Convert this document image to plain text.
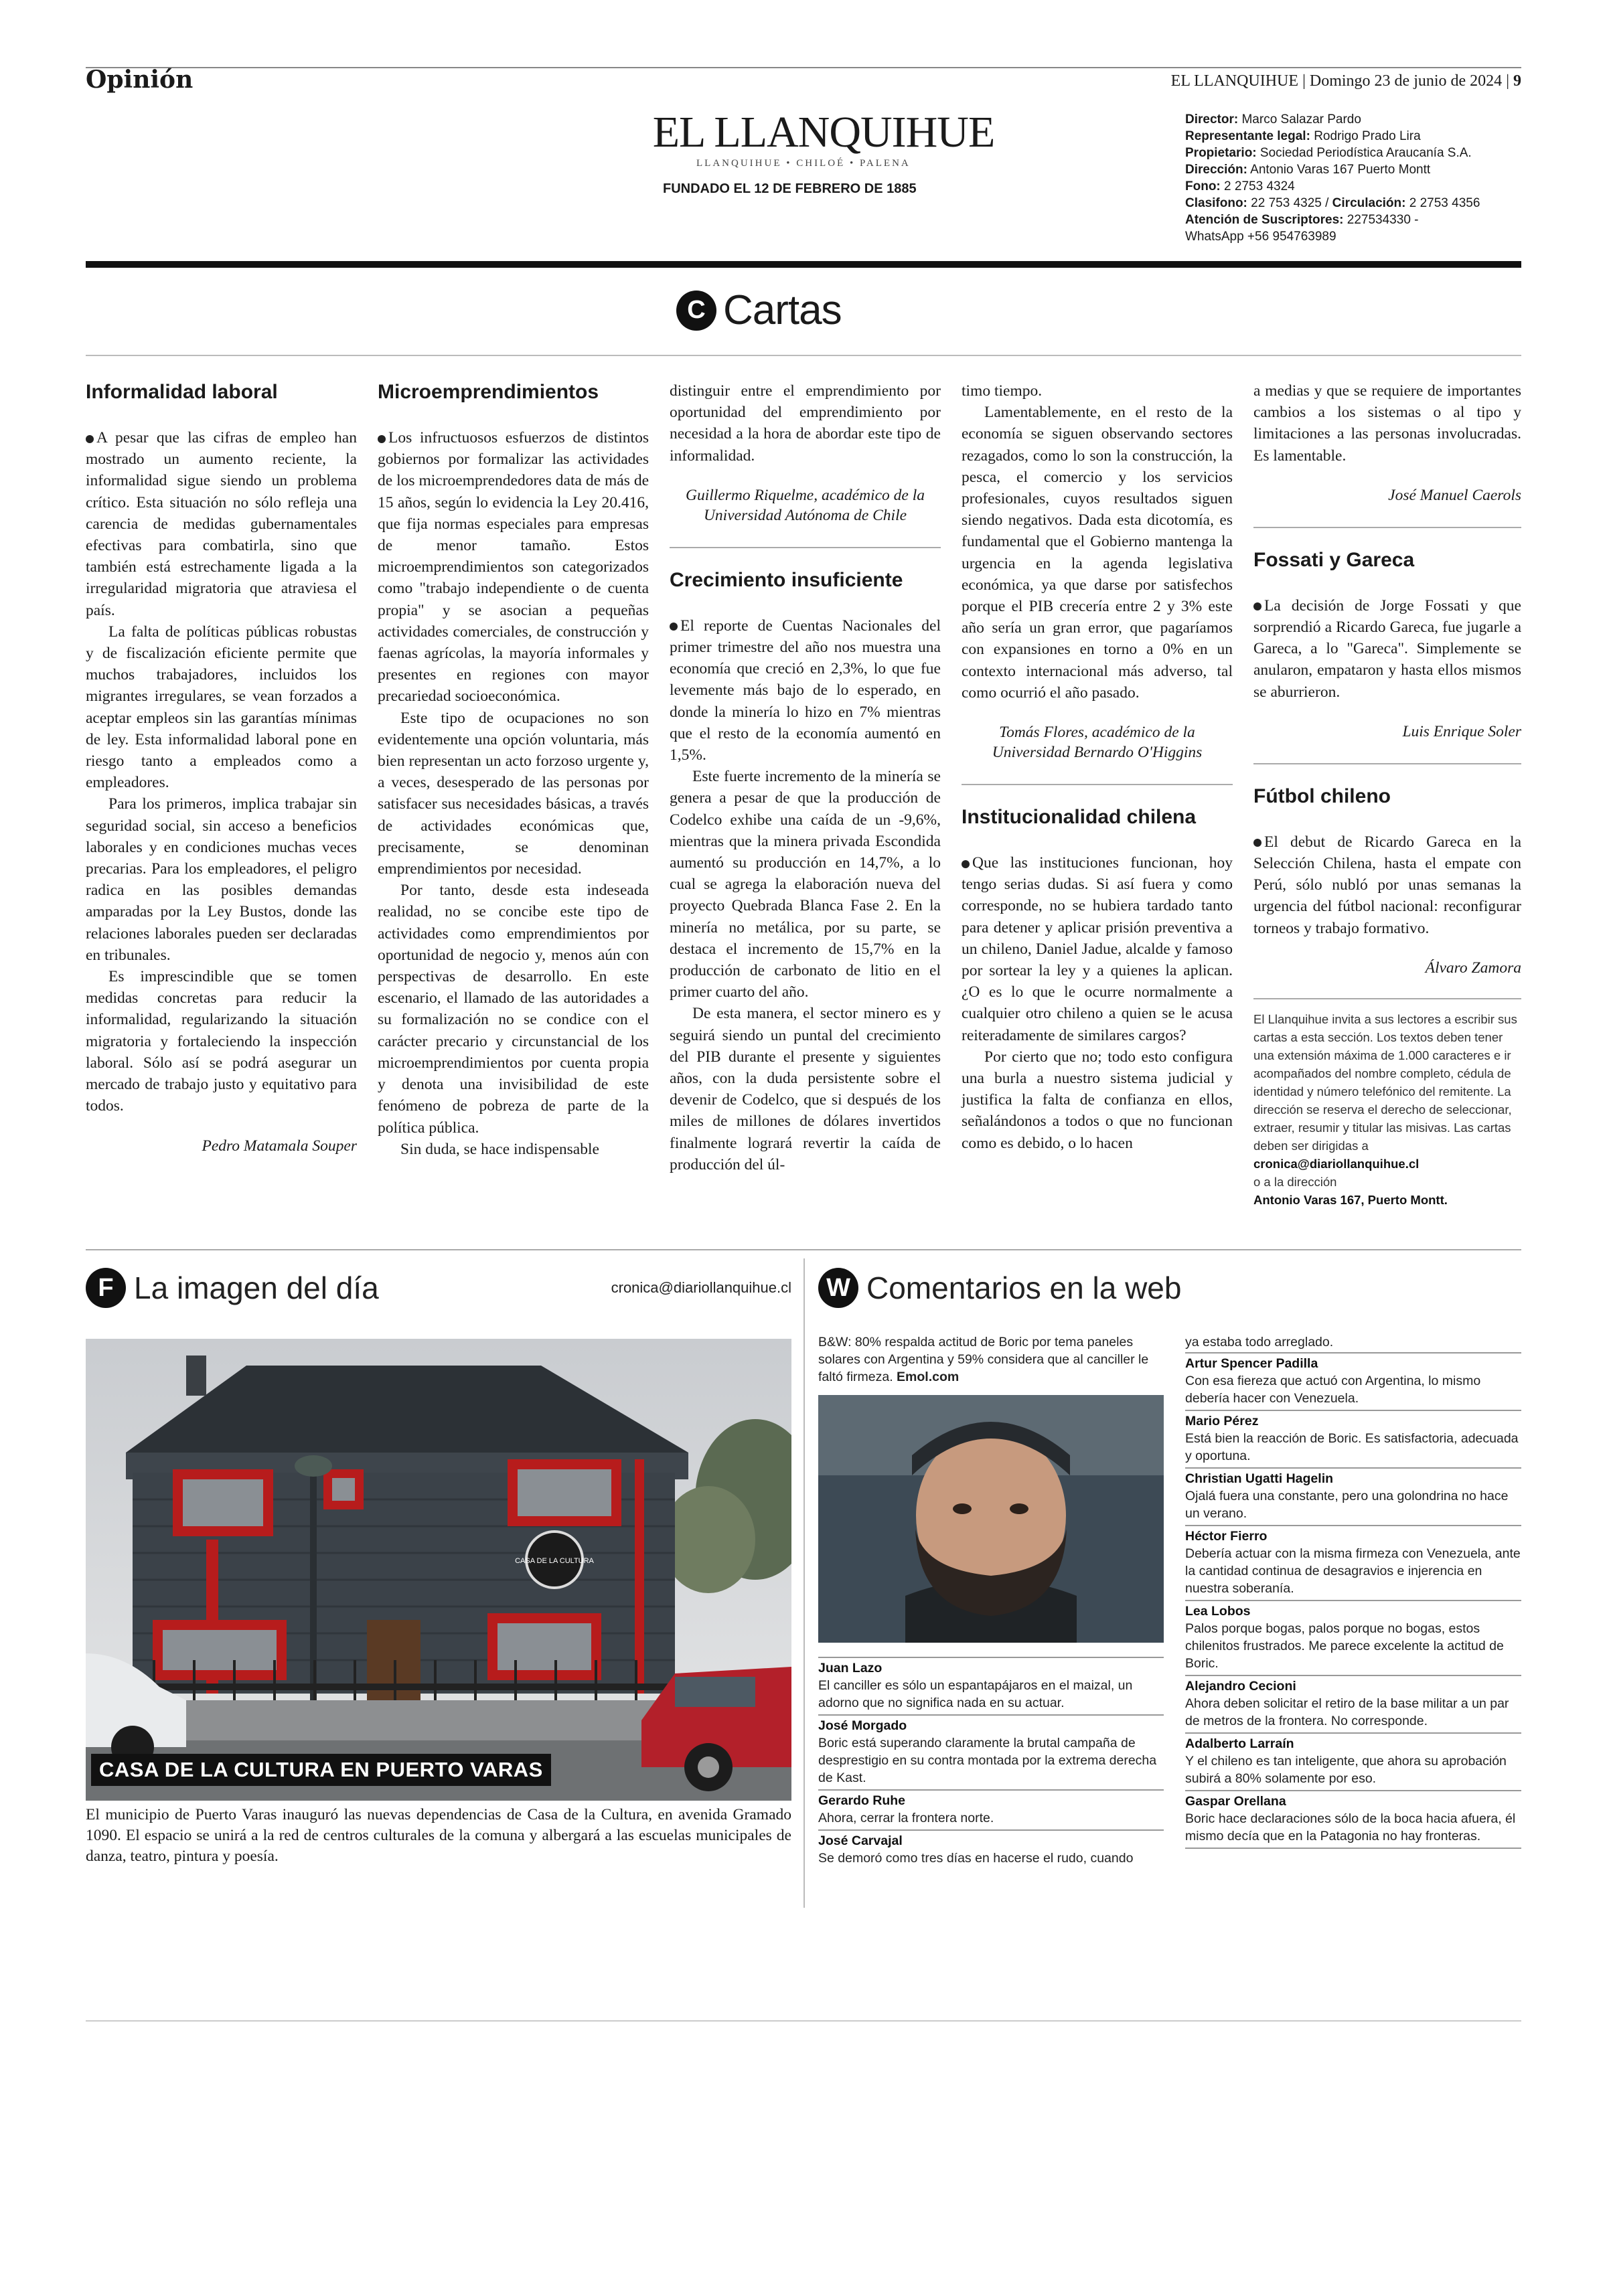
Opinión	EL LLANQUIHUE | Domingo 23 de junio de 2024 | 9
EL LLANQUIHUE
LLANQUIHUE • CHILOÉ • PALENA
FUNDADO EL 12 DE FEBRERO DE 1885
Director: Marco Salazar Pardo
Representante legal: Rodrigo Prado Lira
Propietario: Sociedad Periodística Araucanía S.A.
Dirección: Antonio Varas 167 Puerto Montt
Fono: 2 2753 4324
Clasifono: 22 753 4325 / Circulación: 2 2753 4356
Atención de Suscriptores: 227534330 -
WhatsApp +56 954763989
C Cartas
Informalidad laboral

A pesar que las cifras de empleo han mostrado un aumento reciente, la informalidad sigue siendo un problema crítico. Esta situación no sólo refleja una carencia de medidas gubernamentales efectivas para combatirla, sino que también está estrechamente ligada a la irregularidad migratoria que atraviesa el país.

La falta de políticas públicas robustas y de fiscalización eficiente permite que muchos trabajadores, incluidos los migrantes irregulares, se vean forzados a aceptar empleos sin las garantías mínimas de ley. Esta informalidad laboral pone en riesgo tanto a empleados como a empleadores.

Para los primeros, implica trabajar sin seguridad social, sin acceso a beneficios laborales y en condiciones muchas veces precarias. Para los empleadores, el peligro radica en las posibles demandas amparadas por la Ley Bustos, donde las relaciones laborales pueden ser declaradas en tribunales.

Es imprescindible que se tomen medidas concretas para reducir la informalidad, regularizando la situación migratoria y fortaleciendo la inspección laboral. Sólo así se podrá asegurar un mercado de trabajo justo y equitativo para todos.

Pedro Matamala Souper

Microemprendimientos

Los infructuosos esfuerzos de distintos gobiernos por formalizar las actividades de los microemprendedores data de más de 15 años, según lo evidencia la Ley 20.416, que fija normas especiales para empresas de menor tamaño. Estos microemprendimientos son categorizados como "trabajo independiente o de cuenta propia" y se asocian a pequeñas actividades comerciales, de construcción y faenas agrícolas, la mayoría informales y presentes en regiones con mayor precariedad socioeconómica.

Este tipo de ocupaciones no son evidentemente una opción voluntaria, más bien representan un acto forzoso urgente y, a veces, desesperado de las personas por satisfacer sus necesidades básicas, a través de actividades económicas que, precisamente, se denominan emprendimientos por necesidad.

Por tanto, desde esta indeseada realidad, no se concibe este tipo de actividades como emprendimientos por oportunidad de negocio y, menos aún con perspectivas de desarrollo. En este escenario, el llamado de las autoridades a su formalización no se condice con el carácter precario y circunstancial de los microemprendimientos por cuenta propia y denota una invisibilidad de este fenómeno de pobreza de parte de la política pública.

Sin duda, se hace indispensable

distinguir entre el emprendimiento por oportunidad del emprendimiento por necesidad a la hora de abordar este tipo de informalidad.

Guillermo Riquelme, académico de la Universidad Autónoma de Chile

Crecimiento insuficiente

El reporte de Cuentas Nacionales del primer trimestre del año nos muestra una economía que creció en 2,3%, lo que fue levemente más bajo de lo esperado, en donde la minería lo hizo en 7% mientras que el resto de la economía aumentó en 1,5%.

Este fuerte incremento de la minería se genera a pesar de que la producción de Codelco exhibe una caída de un -9,6%, mientras que la minera privada Escondida aumentó su producción en 14,7%, a lo cual se agrega la elaboración nueva del proyecto Quebrada Blanca Fase 2. En la minería no metálica, por su parte, se destaca el incremento de 15,7% en la producción de carbonato de litio en el primer cuarto del año.

De esta manera, el sector minero es y seguirá siendo un puntal del crecimiento del PIB durante el presente y siguientes años, con la duda persistente sobre el devenir de Codelco, que si después de los miles de millones de dólares invertidos finalmente logrará revertir la caída de producción del úl-

timo tiempo.

Lamentablemente, en el resto de la economía se siguen observando sectores rezagados, como lo son la construcción, la pesca, el comercio y los servicios profesionales, cuyos resultados siguen siendo negativos. Dada esta dicotomía, es fundamental que el Gobierno mantenga la urgencia en la agenda legislativa económica, ya que darse por satisfechos porque el PIB crecería entre 2 y 3% este año sería un gran error, que pagaríamos con expansiones en torno a 0% en un contexto internacional más adverso, tal como ocurrió el año pasado.

Tomás Flores, académico de la Universidad Bernardo O'Higgins

Institucionalidad chilena

Que las instituciones funcionan, hoy tengo serias dudas. Si así fuera y como corresponde, no se hubiera tardado tanto para detener y aplicar prisión preventiva a un chileno, Daniel Jadue, alcalde y famoso por sortear la ley y a quienes la aplican. ¿O es lo que le ocurre normalmente a cualquier otro chileno a quien se le acusa reiteradamente de similares cargos?

Por cierto que no; todo esto configura una burla a nuestro sistema judicial y justifica la falta de confianza en ellos, señalándonos a todos o que no funcionan como es debido, o lo hacen

a medias y que se requiere de importantes cambios a los sistemas o al tipo y limitaciones a las personas involucradas. Es lamentable.

José Manuel Caerols

Fossati y Gareca

La decisión de Jorge Fossati y que sorprendió a Ricardo Gareca, fue jugarle a Gareca, a lo "Gareca". Simplemente se anularon, empataron y hasta ellos mismos se aburrieron.

Luis Enrique Soler

Fútbol chileno

El debut de Ricardo Gareca en la Selección Chilena, hasta el empate con Perú, sólo nubló por unas semanas la urgencia del fútbol nacional: reconfigurar torneos y trabajo formativo.

Álvaro Zamora

El Llanquihue invita a sus lectores a escribir sus cartas a esta sección. Los textos deben tener una extensión máxima de 1.000 caracteres e ir acompañados del nombre completo, cédula de identidad y número telefónico del remitente. La dirección se reserva el derecho de seleccionar, extraer, resumir y titular las misivas. Las cartas deben ser dirigidas a
cronica@diariollanquihue.cl
o a la dirección
Antonio Varas 167, Puerto Montt.
F La imagen del día	cronica@diariollanquihue.cl
CASA DE LA CULTURA
CASA DE LA CULTURA EN PUERTO VARAS
El municipio de Puerto Varas inauguró las nuevas dependencias de Casa de la Cultura, en avenida Gramado 1090. El espacio se unirá a la red de centros culturales de la comuna y albergará a las escuelas municipales de danza, teatro, pintura y poesía.
W Comentarios en la web
B&W: 80% respalda actitud de Boric por tema paneles solares con Argentina y 59% considera que al canciller le faltó firmeza. Emol.com
Juan Lazo
El canciller es sólo un espantapájaros en el maizal, un adorno que no significa nada en su actuar.
José Morgado
Boric está superando claramente la brutal campaña de desprestigio en su contra montada por la extrema derecha de Kast.
Gerardo Ruhe
Ahora, cerrar la frontera norte.
José Carvajal
Se demoró como tres días en hacerse el rudo, cuando
ya estaba todo arreglado.
Artur Spencer Padilla
Con esa fiereza que actuó con Argentina, lo mismo debería hacer con Venezuela.
Mario Pérez
Está bien la reacción de Boric. Es satisfactoria, adecuada y oportuna.
Christian Ugatti Hagelin
Ojalá fuera una constante, pero una golondrina no hace un verano.
Héctor Fierro
Debería actuar con la misma firmeza con Venezuela, ante la cantidad continua de desagravios e injerencia en nuestra soberanía.
Lea Lobos
Palos porque bogas, palos porque no bogas, estos chilenitos frustrados. Me parece excelente la actitud de Boric.
Alejandro Cecioni
Ahora deben solicitar el retiro de la base militar a un par de metros de la frontera. No corresponde.
Adalberto Larraín
Y el chileno es tan inteligente, que ahora su aprobación subirá a 80% solamente por eso.
Gaspar Orellana
Boric hace declaraciones sólo de la boca hacia afuera, él mismo decía que en la Patagonia no hay fronteras.
